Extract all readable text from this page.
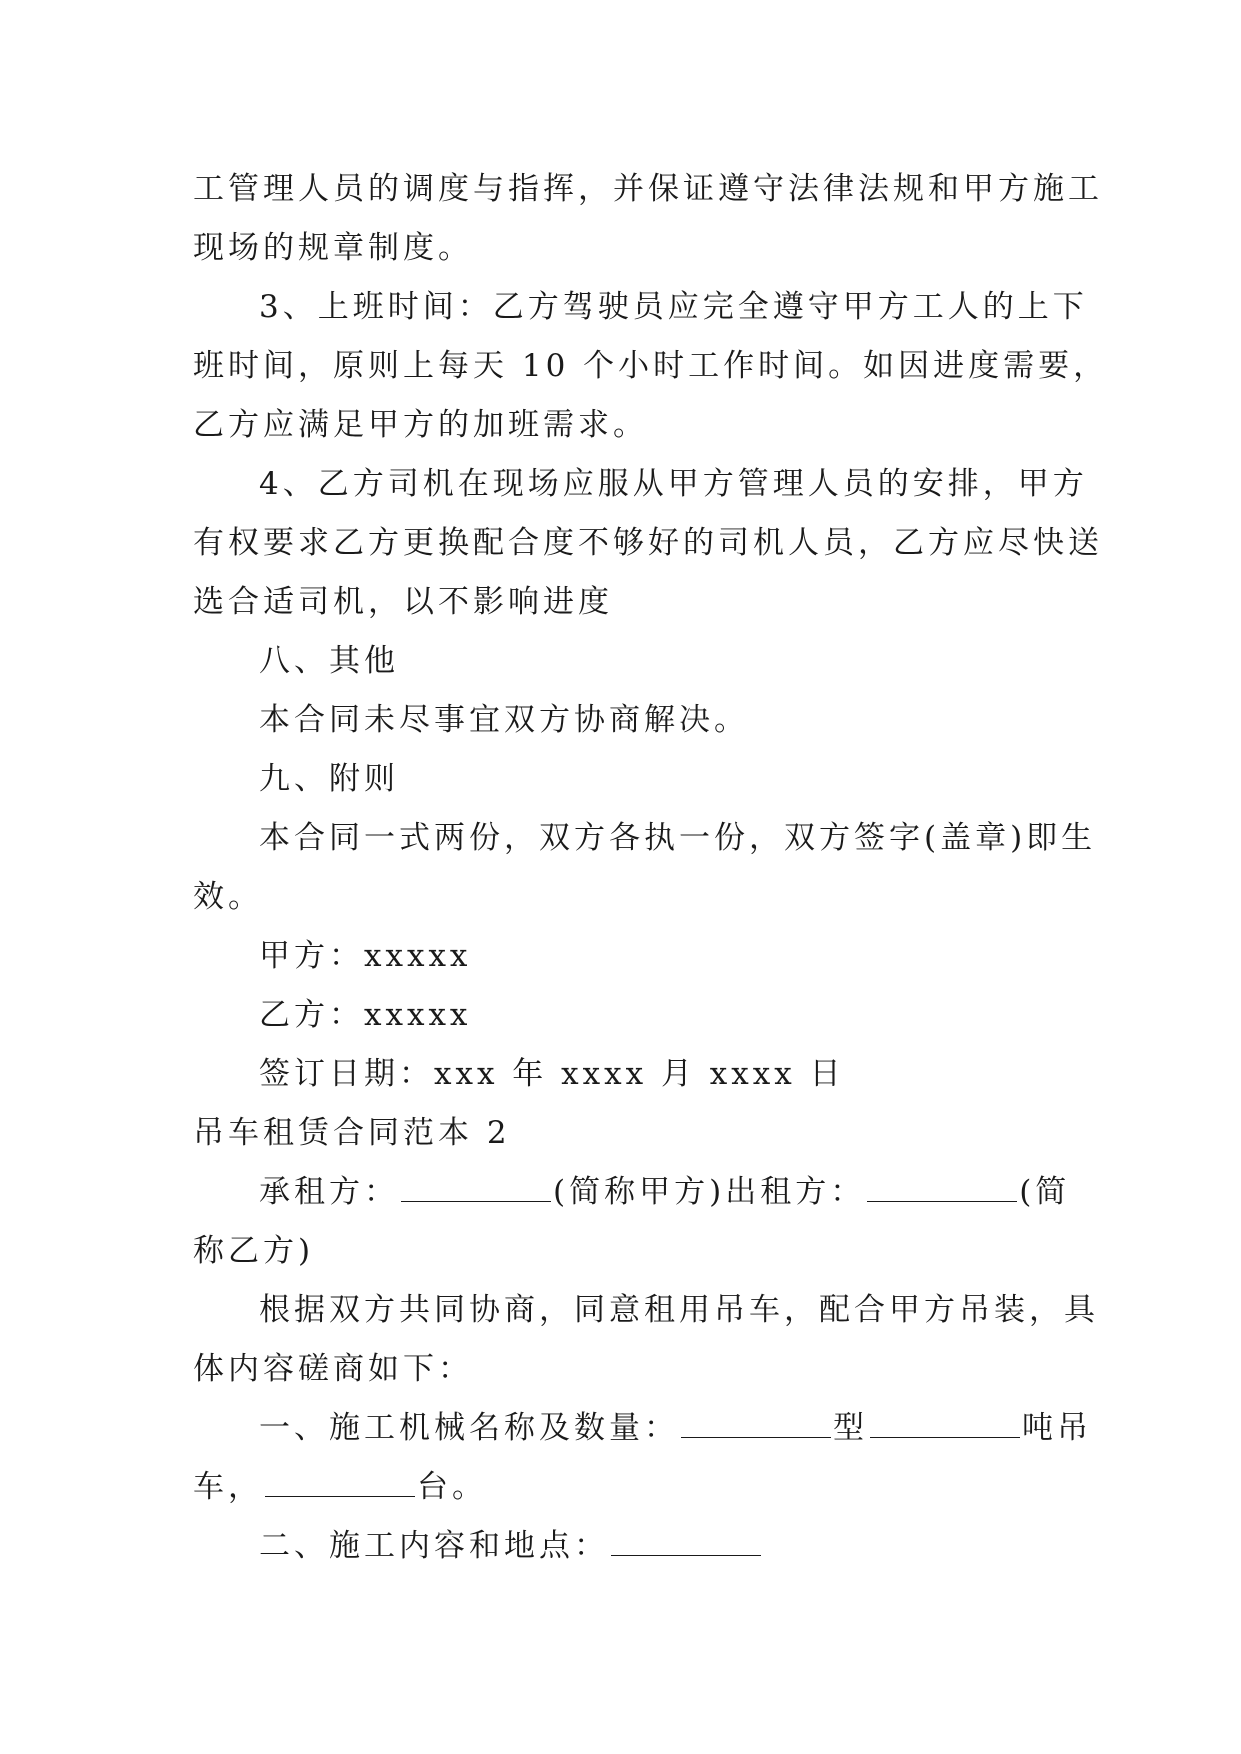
工管理人员的调度与指挥，并保证遵守法律法规和甲方施工
现场的规章制度。
3、上班时间：乙方驾驶员应完全遵守甲方工人的上下
班时间，原则上每天 10 个小时工作时间。如因进度需要，
乙方应满足甲方的加班需求。
4、乙方司机在现场应服从甲方管理人员的安排，甲方
有权要求乙方更换配合度不够好的司机人员，乙方应尽快送
选合适司机，以不影响进度
八、其他
本合同未尽事宜双方协商解决。
九、附则
本合同一式两份，双方各执一份，双方签字(盖章)即生
效。
甲方：xxxxx
乙方：xxxxx
签订日期：xxx 年 xxxx 月 xxxx 日
吊车租赁合同范本 2
承租方：	(简称甲方)出租方：	(简
称乙方)
根据双方共同协商，同意租用吊车，配合甲方吊装，具
体内容磋商如下：
一、施工机械名称及数量：	型	吨吊
车，	台。
二、施工内容和地点：
